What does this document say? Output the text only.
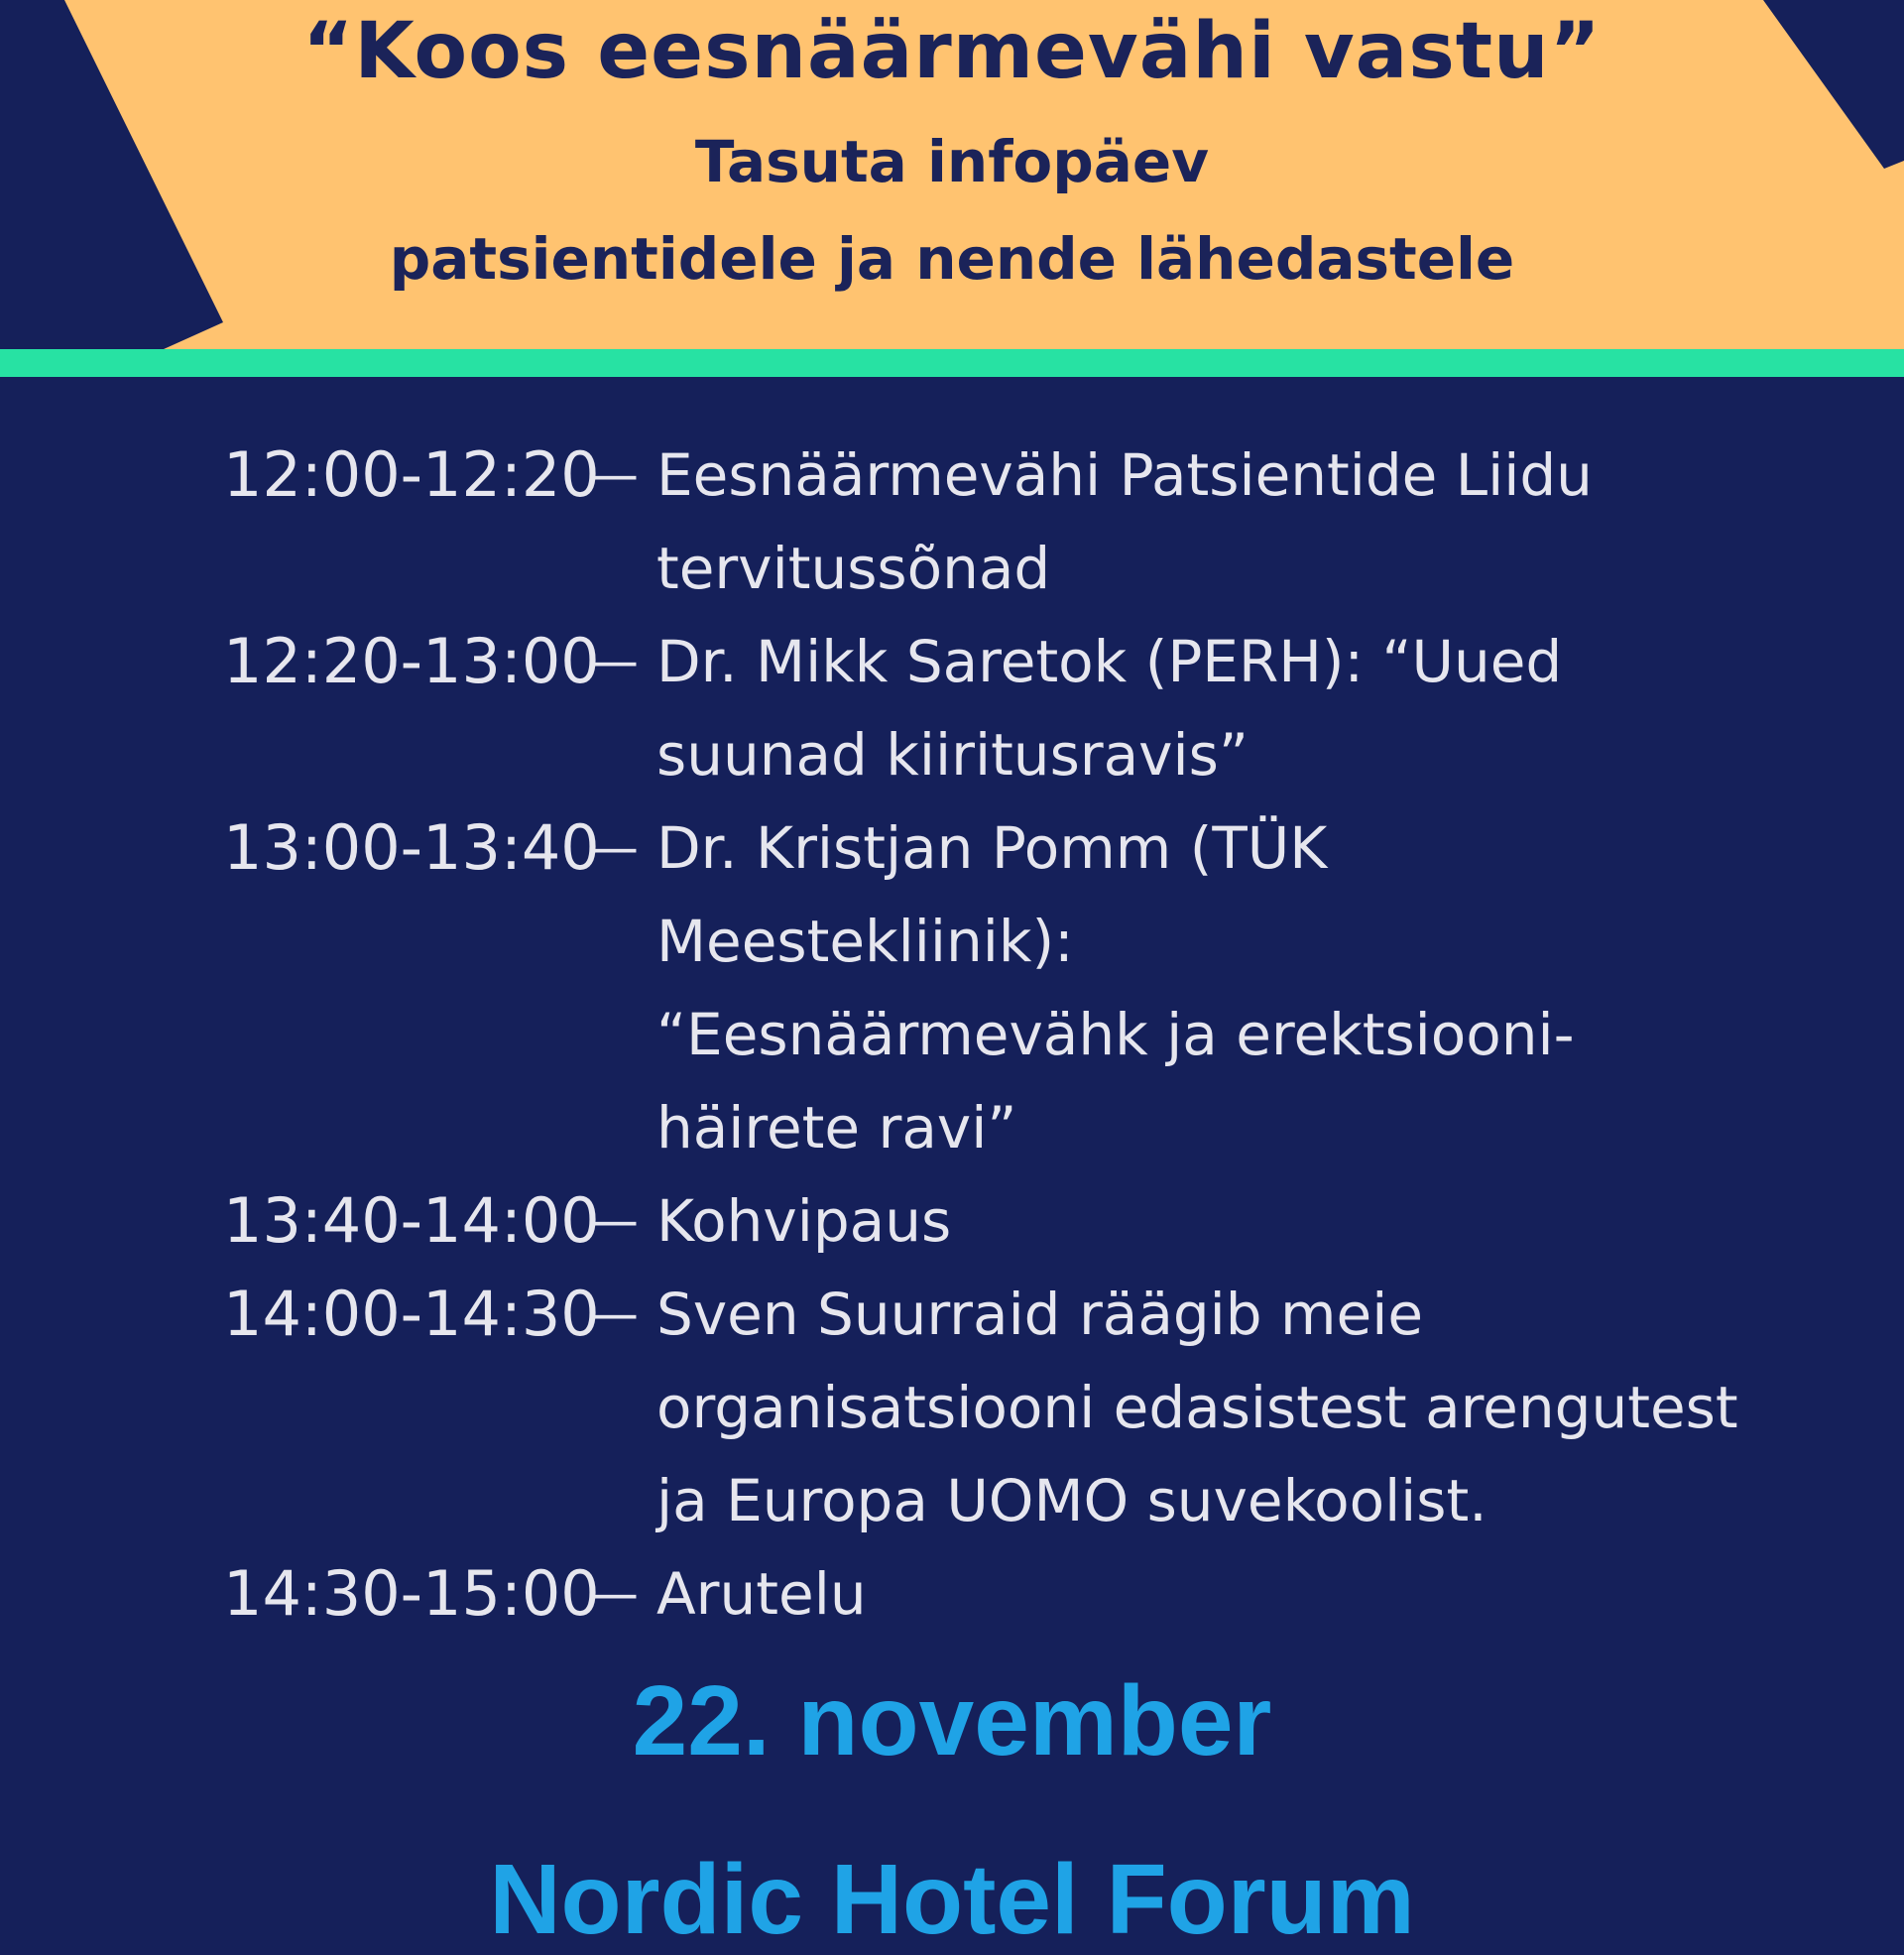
“Koos eesnäärmevähi vastu”
Tasuta infopäev
patsientidele ja nende lähedastele
12:00-12:20
— Eesnäärmevähi Patsientide Liidu
tervitussõnad
12:20-13:00
— Dr. Mikk Saretok (PERH): “Uued
suunad kiiritusravis”
13:00-13:40
— Dr. Kristjan Pomm (TÜK
Meestekliinik):
“Eesnäärmevähk ja erektsiooni-
häirete ravi”
13:40-14:00
— Kohvipaus
14:00-14:30
— Sven Suurraid räägib meie
organisatsiooni edasistest arengutest
ja Europa UOMO suvekoolist.
14:30-15:00
— Arutelu
22. november
Nordic Hotel Forum
